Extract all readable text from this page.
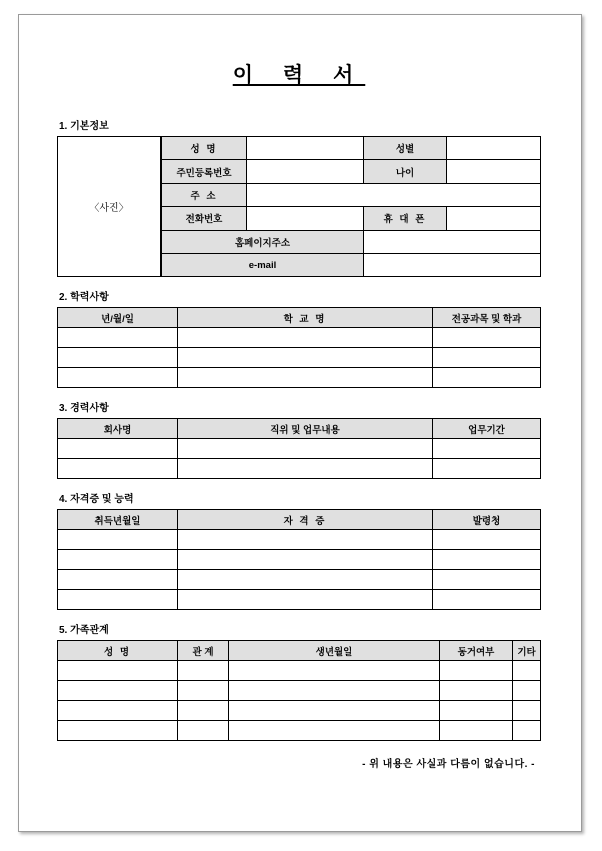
이 력 서
1. 기본정보
〈사진〉
성 명		성별	
주민등록번호		나이	
주 소			
전화번호		휴 대 폰	
홈페이지주소			
e-mail			
2. 학력사항
년/월/일	학 교 명	전공과목 및 학과

3. 경력사항
회사명	직위 및 업무내용	업무기간

4. 자격증 및 능력
취득년월일	자 격 증	발령청

5. 가족관계
성 명	관 계	생년월일	동거여부	기타

- 위 내용은 사실과 다름이 없습니다. -
